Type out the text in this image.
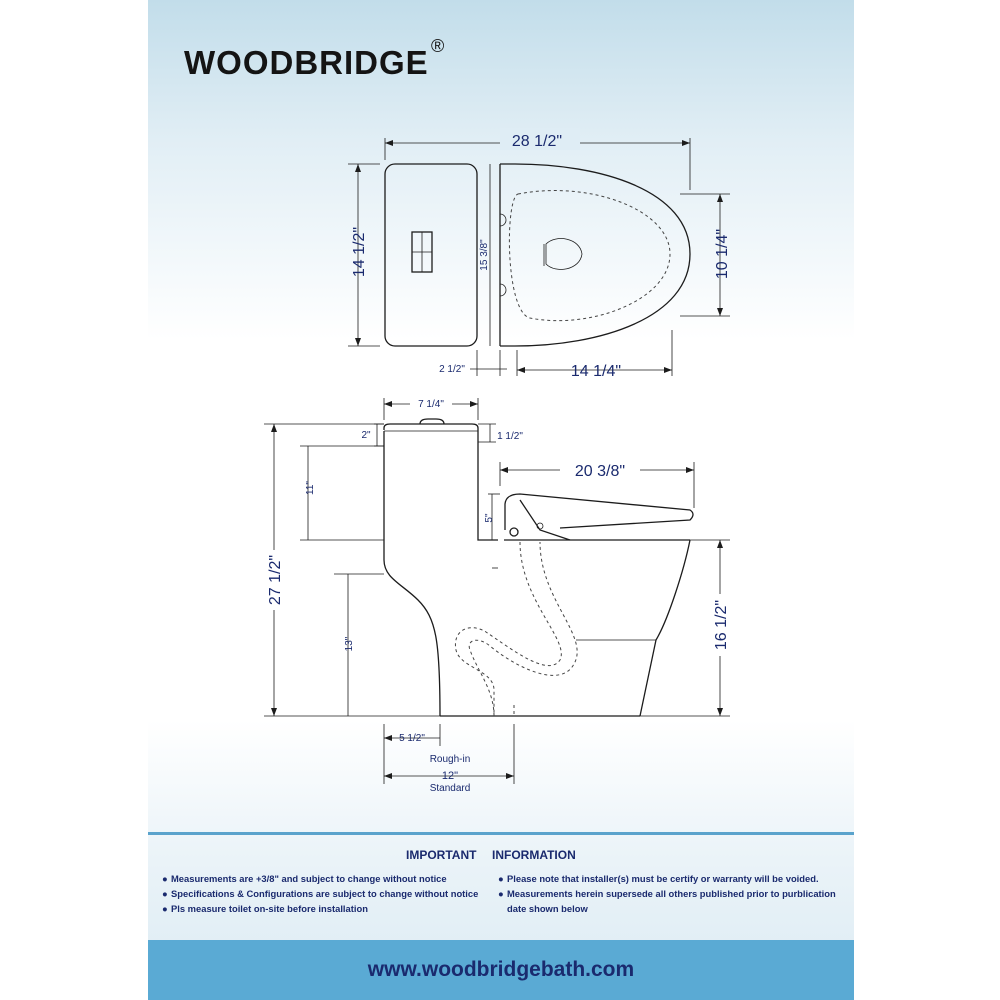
WOODBRIDGE ®
28 1/2"
14 1/2"	15 3/8"	10 1/4"
2 1/2"	14 1/4"
7 1/4"
2"	1 1/2"
20 3/8"
11"
5"
27 1/2"
13"	16 1/2"
5 1/2"
Rough-in
12"
Standard
IMPORTANT INFORMATION
● Measurements are +3/8" and subject to change without notice
● Specifications & Configurations are subject to change without notice
● Pls measure toilet on-site before installation
● Please note that installer(s) must be certify or warranty will be voided.
● Measurements herein supersede all others published prior to purblication
date shown below
www.woodbridgebath.com
